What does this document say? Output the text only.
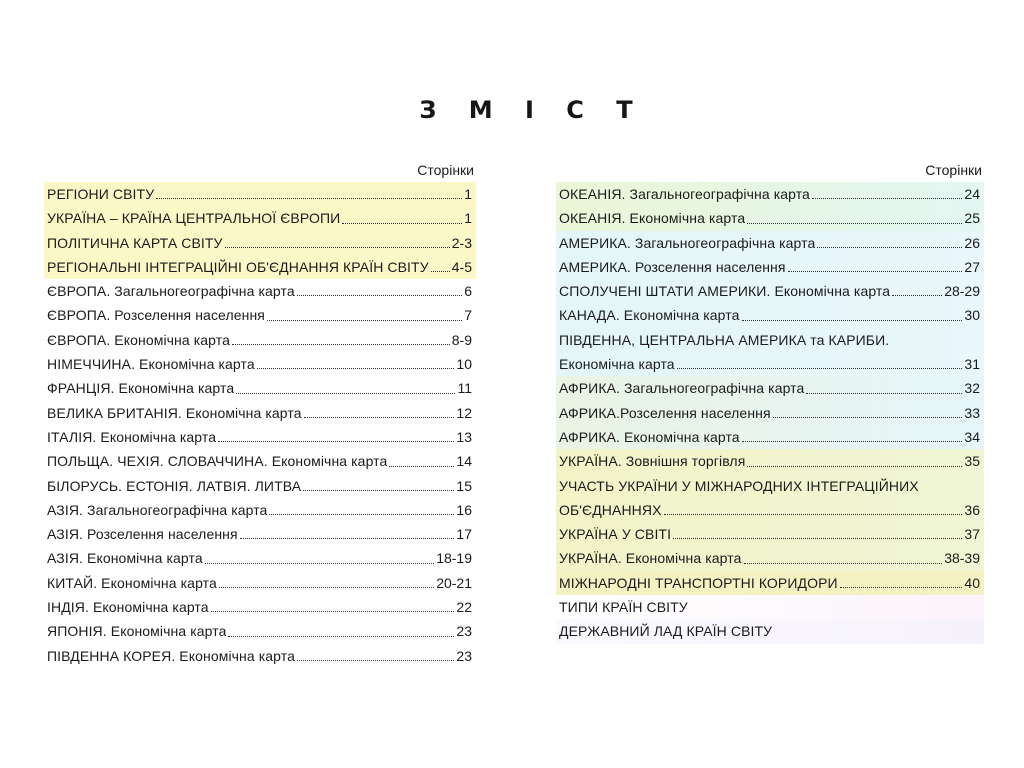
З М І С Т
Сторінки
РЕГІОНИ СВІТУ	1
УКРАЇНА – КРАЇНА ЦЕНТРАЛЬНОЇ ЄВРОПИ	1
ПОЛІТИЧНА КАРТА СВІТУ	2-3
РЕГІОНАЛЬНІ ІНТЕГРАЦІЙНІ ОБ'ЄДНАННЯ КРАЇН СВІТУ 4-5
ЄВРОПА. Загальногеографічна карта	6
ЄВРОПА. Розселення населення	7
ЄВРОПА. Економічна карта	8-9
НІМЕЧЧИНА. Економічна карта	10
ФРАНЦІЯ. Економічна карта	11
ВЕЛИКА БРИТАНІЯ. Економічна карта	12
ІТАЛІЯ. Економічна карта	13
ПОЛЬЩА. ЧЕХІЯ. СЛОВАЧЧИНА. Економічна карта	14
БІЛОРУСЬ. ЕСТОНІЯ. ЛАТВІЯ. ЛИТВА	15
АЗІЯ. Загальногеографічна карта	16
АЗІЯ. Розселення населення	17
АЗІЯ. Економічна карта	18-19
КИТАЙ. Економічна карта	20-21
ІНДІЯ. Економічна карта	22
ЯПОНІЯ. Економічна карта	23
ПІВДЕННА КОРЕЯ. Економічна карта	23
Сторінки
ОКЕАНІЯ. Загальногеографічна карта	24
ОКЕАНІЯ. Економічна карта	25
АМЕРИКА. Загальногеографічна карта	26
АМЕРИКА. Розселення населення	27
СПОЛУЧЕНІ ШТАТИ АМЕРИКИ. Економічна карта	28-29
КАНАДА. Економічна карта	30
ПІВДЕННА, ЦЕНТРАЛЬНА АМЕРИКА та КАРИБИ.
Економічна карта	31
АФРИКА. Загальногеографічна карта	32
АФРИКА.Розселення населення	33
АФРИКА. Економічна карта	34
УКРАЇНА. Зовнішня торгівля	35
УЧАСТЬ УКРАЇНИ У МІЖНАРОДНИХ ІНТЕГРАЦІЙНИХ
ОБ'ЄДНАННЯХ	36
УКРАЇНА У СВІТІ	37
УКРАЇНА. Економічна карта	38-39
МІЖНАРОДНІ ТРАНСПОРТНІ КОРИДОРИ	40
ТИПИ КРАЇН СВІТУ
ДЕРЖАВНИЙ ЛАД КРАЇН СВІТУ
